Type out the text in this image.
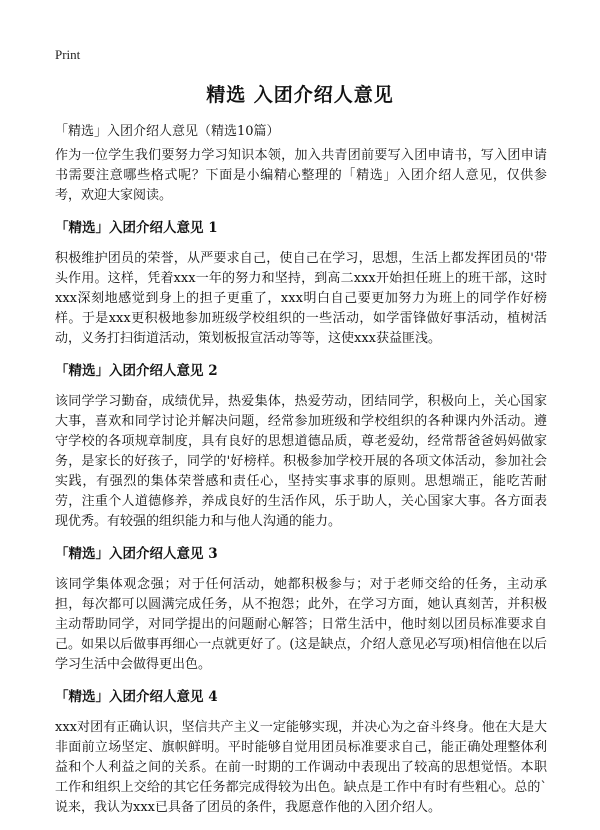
Print
精选 入团介绍人意见

「精选」入团介绍人意见（精选10篇）

作为一位学生我们要努力学习知识本领，加入共青团前要写入团申请书，写入团申请书需要注意哪些格式呢？下面是小编精心整理的「精选」入团介绍人意见，仅供参考，欢迎大家阅读。

「精选」入团介绍人意见 1

积极维护团员的荣誉，从严要求自己，使自己在学习，思想，生活上都发挥团员的'带头作用。这样，凭着xxx一年的努力和坚持，到高二xxx开始担任班上的班干部，这时xxx深刻地感觉到身上的担子更重了，xxx明白自己要更加努力为班上的同学作好榜样。于是xxx更积极地参加班级学校组织的一些活动，如学雷锋做好事活动，植树活动，义务打扫街道活动，策划板报宣活动等等，这使xxx获益匪浅。

「精选」入团介绍人意见 2

该同学学习勤奋，成绩优异，热爱集体，热爱劳动，团结同学，积极向上，关心国家大事，喜欢和同学讨论并解决问题，经常参加班级和学校组织的各种课内外活动。遵守学校的各项规章制度，具有良好的思想道德品质，尊老爱幼，经常帮爸爸妈妈做家务，是家长的好孩子，同学的'好榜样。积极参加学校开展的各项文体活动，参加社会实践，有强烈的集体荣誉感和责任心，坚持实事求事的原则。思想端正，能吃苦耐劳，注重个人道德修养，养成良好的生活作风，乐于助人，关心国家大事。各方面表现优秀。有较强的组织能力和与他人沟通的能力。

「精选」入团介绍人意见 3

该同学集体观念强；对于任何活动，她都积极参与；对于老师交给的任务，主动承担，每次都可以圆满完成任务，从不抱怨；此外，在学习方面，她认真刻苦，并积极主动帮助同学，对同学提出的问题耐心解答；日常生活中，他时刻以团员标准要求自己。如果以后做事再细心一点就更好了。(这是缺点，介绍人意见必写项)相信他在以后学习生活中会做得更出色。

「精选」入团介绍人意见 4

xxx对团有正确认识，坚信共产主义一定能够实现，并决心为之奋斗终身。他在大是大非面前立场坚定、旗帜鲜明。平时能够自觉用团员标准要求自己，能正确处理整体利益和个人利益之间的关系。在前一时期的工作调动中表现出了较高的思想觉悟。本职工作和组织上交给的其它任务都完成得较为出色。缺点是工作中有时有些粗心。总的`说来，我认为xxx已具备了团员的条件，我愿意作他的入团介绍人。
